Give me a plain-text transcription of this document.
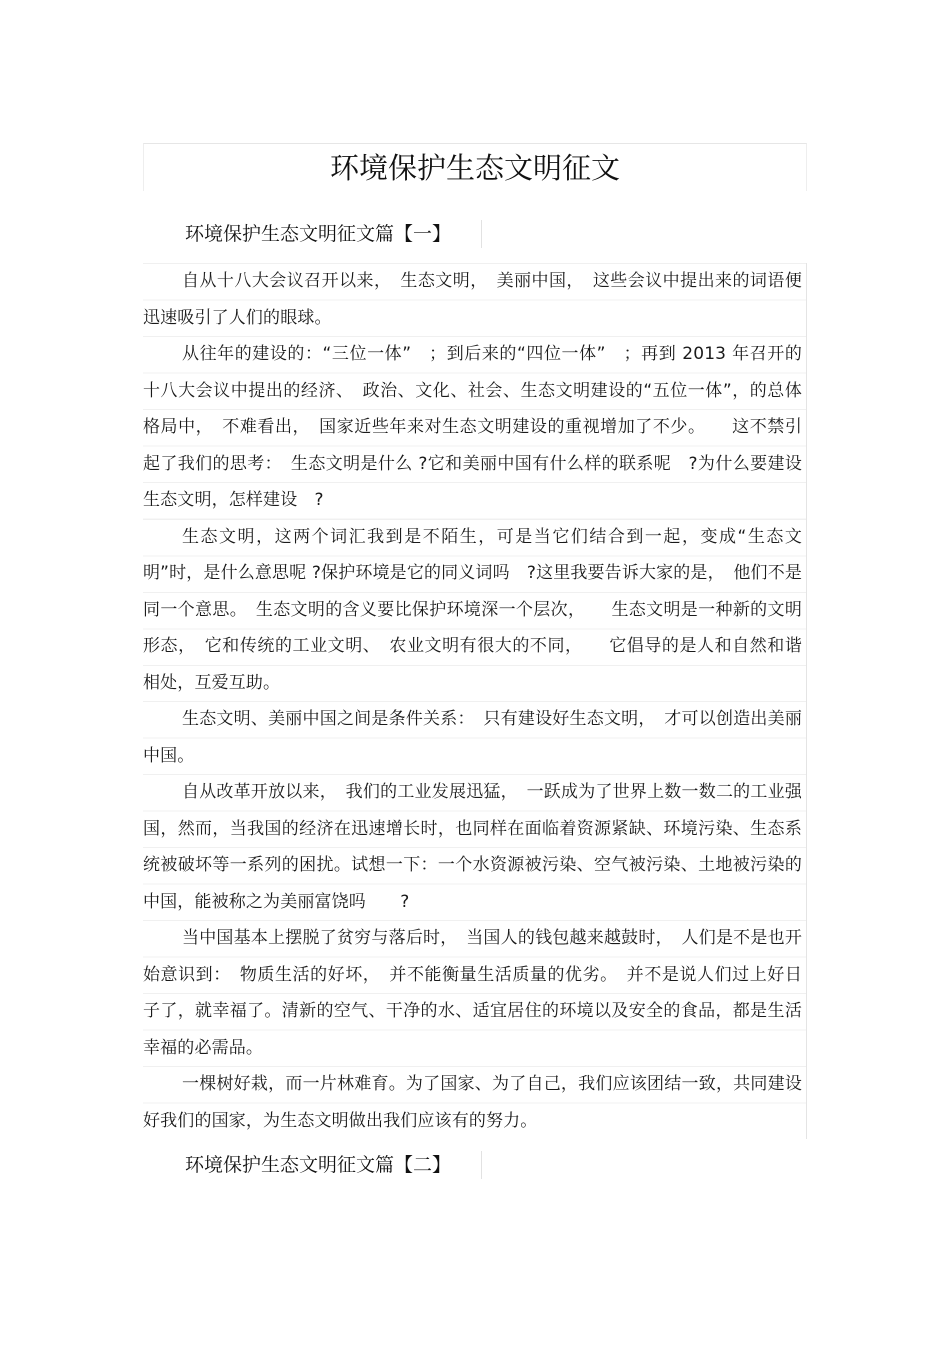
环境保护生态文明征文
环境保护生态文明征文篇【一】

自从十八大会议召开以来，　生态文明，　美丽中国，　这些会议中提出来的词语便迅速吸引了人们的眼球。

从往年的建设的：“三位一体”　；到后来的“四位一体”　；再到 2013 年召开的十八大会议中提出的经济、　政治、文化、社会、生态文明建设的“五位一体”，的总体格局中，　不难看出，　国家近些年来对生态文明建设的重视增加了不少。　　这不禁引起了我们的思考：　生态文明是什么 ?它和美丽中国有什么样的联系呢　?为什么要建设生态文明，怎样建设　?

生态文明，这两个词汇我到是不陌生，可是当它们结合到一起，变成“生态文明”时，是什么意思呢 ?保护环境是它的同义词吗　?这里我要告诉大家的是，　他们不是同一个意思。　生态文明的含义要比保护环境深一个层次，　　生态文明是一种新的文明形态，　它和传统的工业文明、　农业文明有很大的不同，　　它倡导的是人和自然和谐相处，互爱互助。

生态文明、美丽中国之间是条件关系：　只有建设好生态文明，　才可以创造出美丽中国。

自从改革开放以来，　我们的工业发展迅猛，　一跃成为了世界上数一数二的工业强国，然而，当我国的经济在迅速增长时，也同样在面临着资源紧缺、环境污染、生态系统被破坏等一系列的困扰。试想一下：一个水资源被污染、空气被污染、土地被污染的中国，能被称之为美丽富饶吗　　?

当中国基本上摆脱了贫穷与落后时，　当国人的钱包越来越鼓时，　人们是不是也开始意识到：　物质生活的好坏，　并不能衡量生活质量的优劣。　并不是说人们过上好日子了，就幸福了。清新的空气、干净的水、适宜居住的环境以及安全的食品，都是生活幸福的必需品。

一棵树好栽，而一片林难育。为了国家、为了自己，我们应该团结一致，共同建设好我们的国家，为生态文明做出我们应该有的努力。

环境保护生态文明征文篇【二】
